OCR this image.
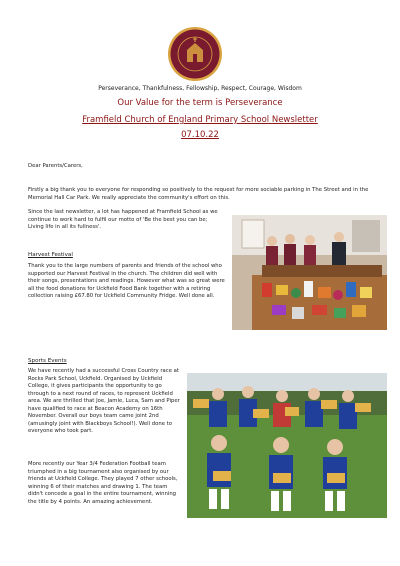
Perseverance, Thankfulness, Fellowship, Respect, Courage, Wisdom
Our Value for the term is Perseverance
Framfield Church of England Primary School Newsletter
07.10.22
Dear Parents/Carers,
Firstly a big thank you to everyone for responding so positively to the request for more sociable parking in The Street and in the Memorial Hall Car Park. We really appreciate the community's effort on this.
Since the last newsletter, a lot has happened at Framfield School as we continue to work hard to fulfil our motto of 'Be the best you can be; Living life in all its fullness'.
Harvest Festival
Thank you to the large numbers of parents and friends of the school who supported our Harvest Festival in the church. The children did well with their songs, presentations and readings. However what was so great were all the food donations for Uckfield Food Bank together with a retiring collection raising £67.80 for Uckfield Community Fridge. Well done all.
Sports Events
We have recently had a successful Cross Country race at Rocks Park School, Uckfield. Organised by Uckfield College, it gives participants the opportunity to go through to a next round of races, to represent Uckfield area. We are thrilled that Joe, Jamie, Luca, Sam and Piper have qualified to race at Beacon Academy on 16th November. Overall our boys team came joint 2nd (amusingly joint with Blackboys School!). Well done to everyone who took part.
More recently our Year 3/4 Federation Football team triumphed in a big tournament also organised by our friends at Uckfield College. They played 7 other schools, winning 6 of their matches and drawing 1. The team didn't concede a goal in the entire tournament, winning the title by 4 points. An amazing achievement.
